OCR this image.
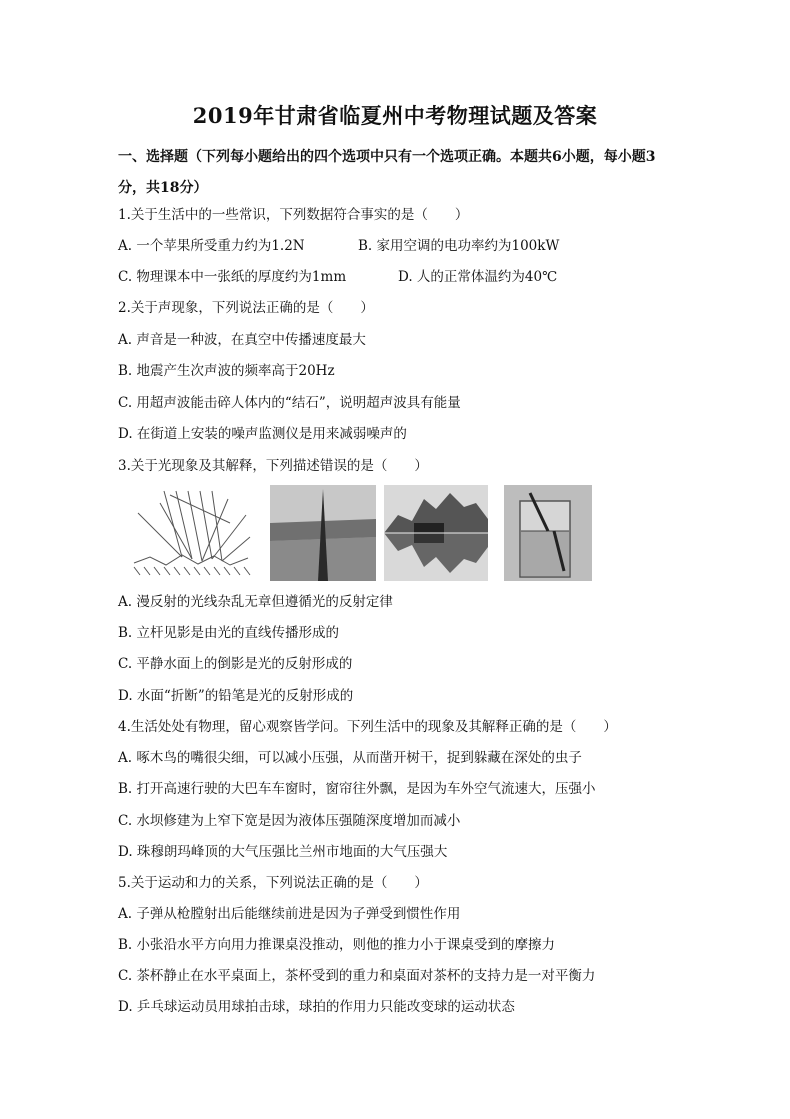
2019年甘肃省临夏州中考物理试题及答案
一、选择题（下列每小题给出的四个选项中只有一个选项正确。本题共6小题，每小题3
分，共18分）
1.关于生活中的一些常识，下列数据符合事实的是（　　）
A. 一个苹果所受重力约为1.2N	B. 家用空调的电功率约为100kW
C. 物理课本中一张纸的厚度约为1mm	D. 人的正常体温约为40℃
2.关于声现象，下列说法正确的是（　　）
A. 声音是一种波，在真空中传播速度最大
B. 地震产生次声波的频率高于20Hz
C. 用超声波能击碎人体内的“结石”，说明超声波具有能量
D. 在街道上安装的噪声监测仪是用来减弱噪声的
3.关于光现象及其解释，下列描述错误的是（　　）
A. 漫反射的光线杂乱无章但遵循光的反射定律
B. 立杆见影是由光的直线传播形成的
C. 平静水面上的倒影是光的反射形成的
D. 水面“折断”的铅笔是光的反射形成的
4.生活处处有物理，留心观察皆学问。下列生活中的现象及其解释正确的是（　　）
A. 啄木鸟的嘴很尖细，可以减小压强，从而凿开树干，捉到躲藏在深处的虫子
B. 打开高速行驶的大巴车车窗时，窗帘往外飘，是因为车外空气流速大，压强小
C. 水坝修建为上窄下宽是因为液体压强随深度增加而减小
D. 珠穆朗玛峰顶的大气压强比兰州市地面的大气压强大
5.关于运动和力的关系，下列说法正确的是（　　）
A. 子弹从枪膛射出后能继续前进是因为子弹受到惯性作用
B. 小张沿水平方向用力推课桌没推动，则他的推力小于课桌受到的摩擦力
C. 茶杯静止在水平桌面上，茶杯受到的重力和桌面对茶杯的支持力是一对平衡力
D. 乒乓球运动员用球拍击球，球拍的作用力只能改变球的运动状态
